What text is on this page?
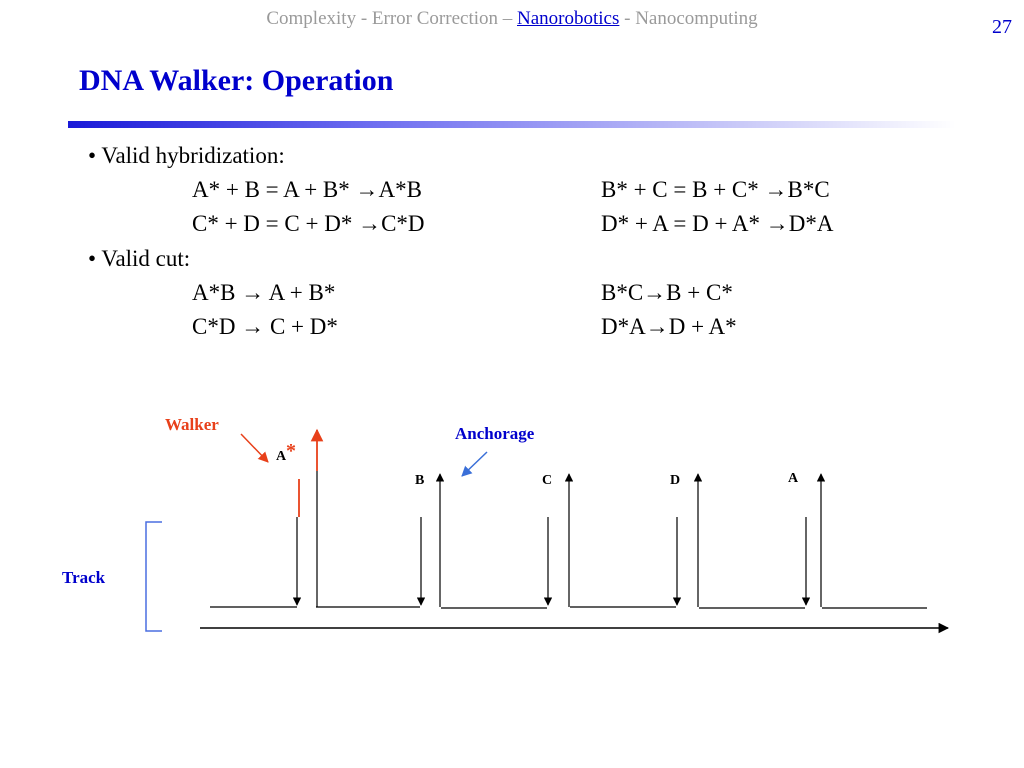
Complexity - Error Correction – Nanorobotics - Nanocomputing	27
DNA Walker: Operation
• Valid hybridization:
A* + B = A + B* →A*B	B* + C = B + C* →B*C
C* + D = C + D* →C*D	D* + A = D + A* →D*A
• Valid cut:
A*B → A + B*	B*C→B + C*
C*D → C + D*	D*A→D + A*
Walker	Anchorage
Track
A *
B	C	D	A
